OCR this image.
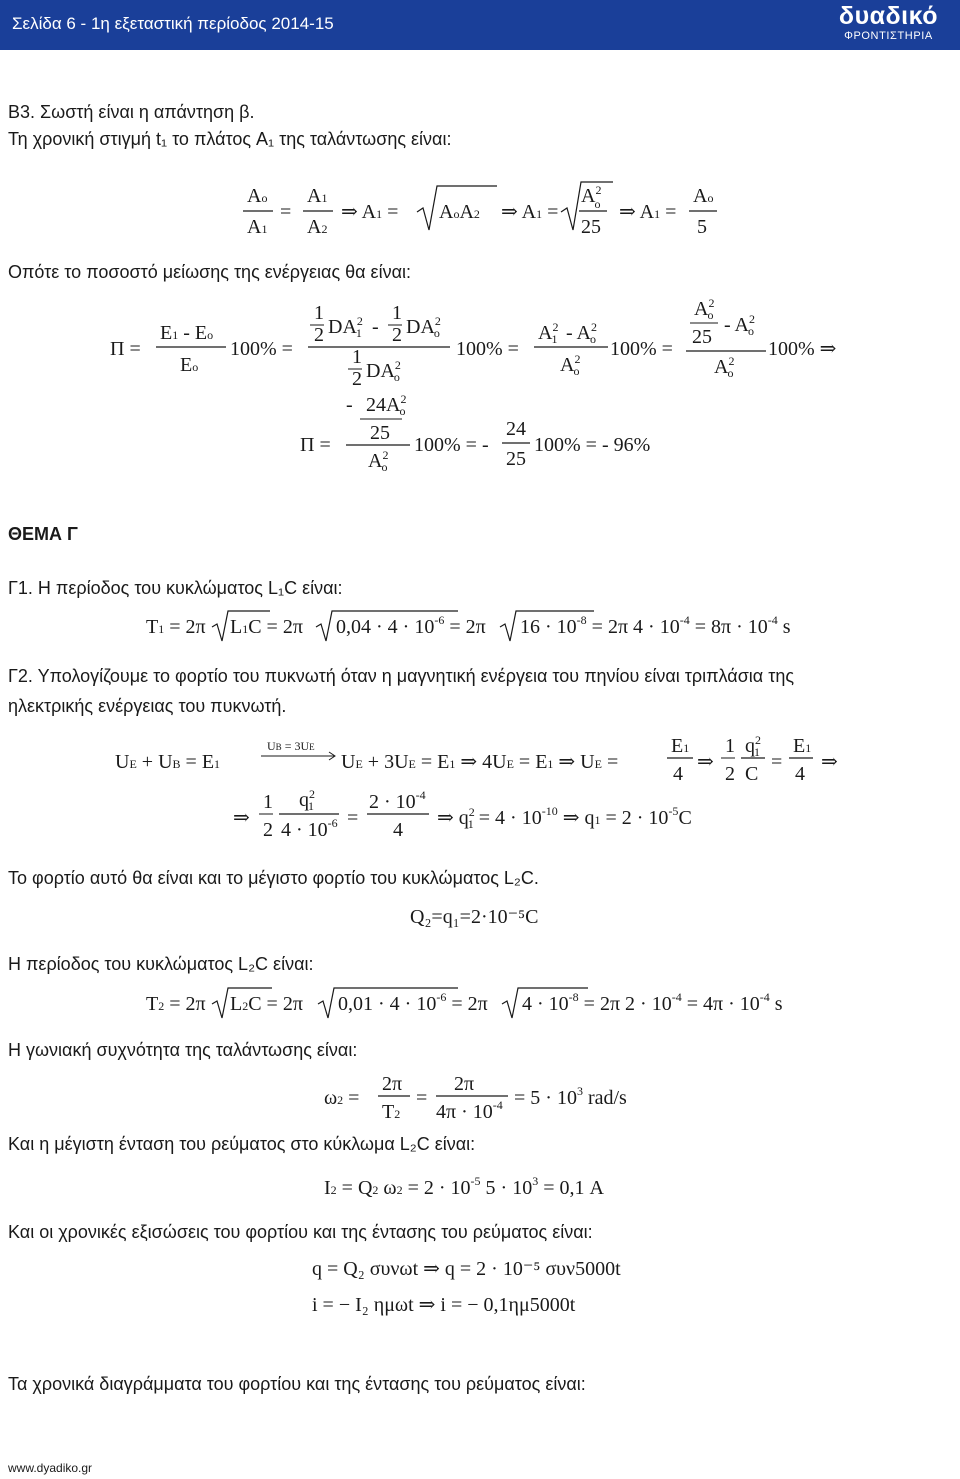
Σελίδα 6 - 1η εξεταστική περίοδος 2014-15	δυαδικό
ΦΡΟΝΤΙΣΤΗΡΙΑ
Β3. Σωστή είναι η απάντηση β.
Τη χρονική στιγμή t₁ το πλάτος A₁ της ταλάντωσης είναι:
Ao
A1
=
A1
A2
⇒ A1 = AoA2 ⇒ A1 =
$A^2$ o
25
⇒ A1 =
Ao
5
Οπότε το ποσοστό μείωσης της ενέργειας θα είναι:
Π =
E1 - Eo
Eo
100% =
1
2 $DA^2$ 1 -
1
2 $DA^2$ o
1
2 $DA^2$ o
100% =
$A^2$ $1 - A^2$ o
$A^2$ o
100% =
$A^2$ o
25
- $A^2$ o
$A^2$ o
100% ⇒
- $24A^2$ o
25
$A^2$ o
Π =	100% = -
24
25
100% = - 96%
ΘΕΜΑ Γ
Γ1. Η περίοδος του κυκλώματος L₁C είναι:
T1 = 2π L1C = 2π $0,04 \cdot 4 \cdot 10^{-6} = 2\pi$ $16 \cdot 10^{-8} = 2\pi$ $4 \cdot 10^{-4} = 8\pi \cdot 10^{-4}$ s
Γ2. Υπολογίζουμε το φορτίο του πυκνωτή όταν η μαγνητική ενέργεια του πηνίου είναι τριπλάσια της
ηλεκτρικής ενέργειας του πυκνωτή.
UE + UB = E1
UB = 3UE
UE + 3UE = E1 ⇒ 4UE = E1 ⇒ UE =
E1
4
⇒
1
2
$q^2$ 1
C
=
E1
4
⇒
⇒
1
2
$q^2$ 1
$4 \cdot 10^{-6}$ =
$2 \cdot 10^{-4}$
4
⇒ $q^2$ $1 = 4 \cdot 10^{-10}$ ⇒ $q1 = 2 \cdot 10^{-5}C$
Το φορτίο αυτό θα είναι και το μέγιστο φορτίο του κυκλώματος L₂C.
Q₂=q₁=2·10⁻⁵C
Η περίοδος του κυκλώματος L₂C είναι:
T2 = 2π L2C = 2π $0,01 \cdot 4 \cdot 10^{-6} = 2\pi$ $4 \cdot 10^{-8} = 2\pi$ $2 \cdot 10^{-4} = 4\pi \cdot 10^{-4}$ s
Η γωνιακή συχνότητα της ταλάντωσης είναι:
ω2 =
2π
T2
=
2π
$4\pi \cdot 10^{-4} = 5 \cdot 10^3$ rad/s
Και η μέγιστη ένταση του ρεύματος στο κύκλωμα L₂C είναι:
I2 = Q2 $\omega 2 = 2 \cdot 10^{-5}$ $5 \cdot 10^3 = 0,1$ A
Και οι χρονικές εξισώσεις του φορτίου και της έντασης του ρεύματος είναι:
q = Q₂ συνωt ⇒ q = 2 · 10⁻⁵ συν5000t
i = − I₂ ημωt ⇒ i = − 0,1ημ5000t
Τα χρονικά διαγράμματα του φορτίου και της έντασης του ρεύματος είναι:
www.dyadiko.gr
